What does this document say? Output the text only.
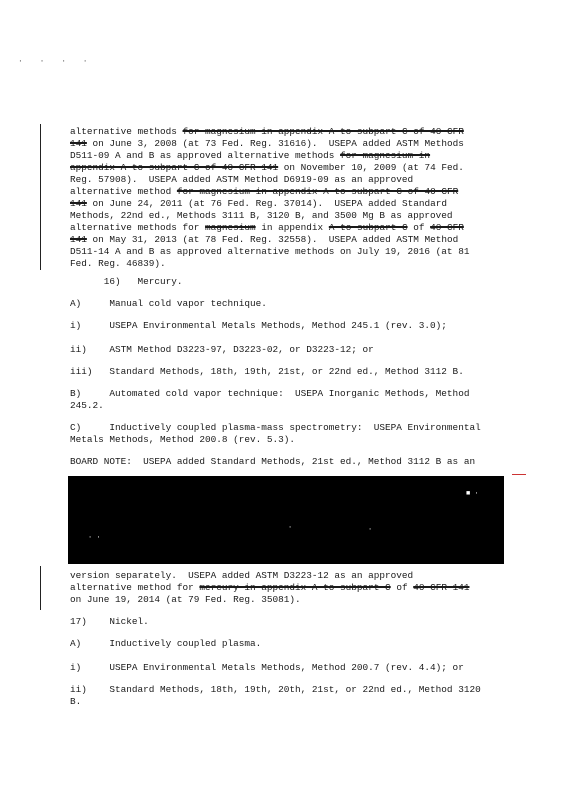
· · · ·
alternative methods for magnesium in appendix A to subpart C of 40 CFR
141 on June 3, 2008 (at 73 Fed. Reg. 31616).  USEPA added ASTM Methods
D511-09 A and B as approved alternative methods for magnesium in
appendix A to subpart C of 40 CFR 141 on November 10, 2009 (at 74 Fed.
Reg. 57908).  USEPA added ASTM Method D6919-09 as an approved
alternative method for magnesium in appendix A to subpart C of 40 CFR
141 on June 24, 2011 (at 76 Fed. Reg. 37014).  USEPA added Standard
Methods, 22nd ed., Methods 3111 B, 3120 B, and 3500 Mg B as approved
alternative methods for magnesium in appendix A to subpart C of 40 CFR
141 on May 31, 2013 (at 78 Fed. Reg. 32558).  USEPA added ASTM Method
D511-14 A and B as approved alternative methods on July 19, 2016 (at 81
Fed. Reg. 46839).
16)   Mercury.
A)     Manual cold vapor technique.
i)     USEPA Environmental Metals Methods, Method 245.1 (rev. 3.0);
ii)    ASTM Method D3223-97, D3223-02, or D3223-12; or
iii)   Standard Methods, 18th, 19th, 21st, or 22nd ed., Method 3112 B.
B)     Automated cold vapor technique:  USEPA Inorganic Methods, Method
245.2.
C)     Inductively coupled plasma-mass spectrometry:  USEPA Environmental
Metals Methods, Method 200.8 (rev. 5.3).
BOARD NOTE:  USEPA added Standard Methods, 21st ed., Method 3112 B as an
version separately.  USEPA added ASTM D3223-12 as an approved
alternative method for mercury in appendix A to subpart C of 40 CFR 141
on June 19, 2014 (at 79 Fed. Reg. 35081).
17)    Nickel.
A)     Inductively coupled plasma.
i)     USEPA Environmental Metals Methods, Method 200.7 (rev. 4.4); or
ii)    Standard Methods, 18th, 19th, 20th, 21st, or 22nd ed., Method 3120
B.
■ ·
·	·
· ·
